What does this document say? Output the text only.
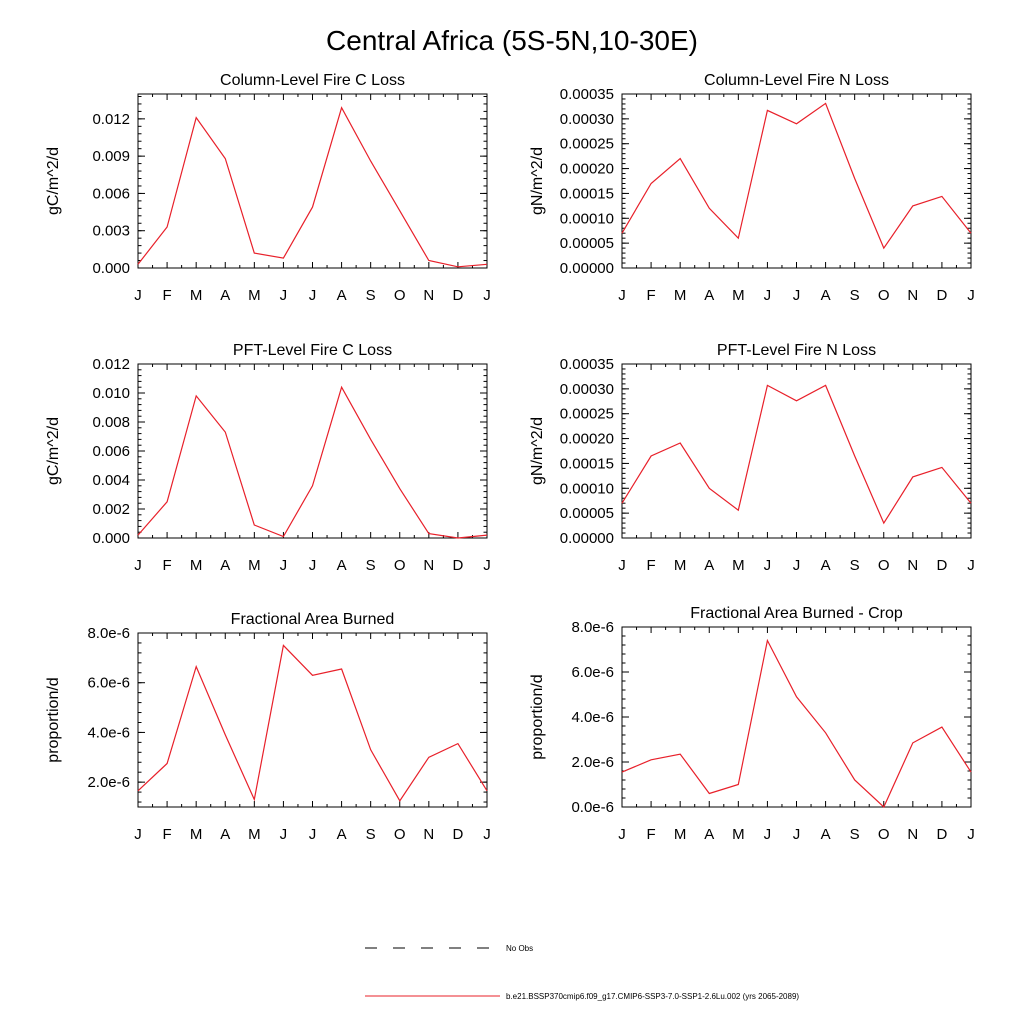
Central Africa (5S-5N,10-30E)
Column-Level Fire C Loss
gC/m^2/d
J F M A M J J A S O N D J
0.000
0.003
0.006
0.009
0.012
Column-Level Fire N Loss
gN/m^2/d
J F M A M J J A S O N D J
0.00000
0.00005
0.00010
0.00015
0.00020
0.00025
0.00030
0.00035
PFT-Level Fire C Loss
gC/m^2/d
J F M A M J J A S O N D J
0.000
0.002
0.004
0.006
0.008
0.010
0.012
PFT-Level Fire N Loss
gN/m^2/d
J F M A M J J A S O N D J
0.00000
0.00005
0.00010
0.00015
0.00020
0.00025
0.00030
0.00035
Fractional Area Burned
proportion/d
J F M A M J J A S O N D J
2.0e-6
4.0e-6
6.0e-6
8.0e-6
Fractional Area Burned - Crop
proportion/d
J F M A M J J A S O N D J
0.0e-6
2.0e-6
4.0e-6
6.0e-6
8.0e-6
No Obs
b.e21.BSSP370cmip6.f09_g17.CMIP6-SSP3-7.0-SSP1-2.6Lu.002 (yrs 2065-2089)
